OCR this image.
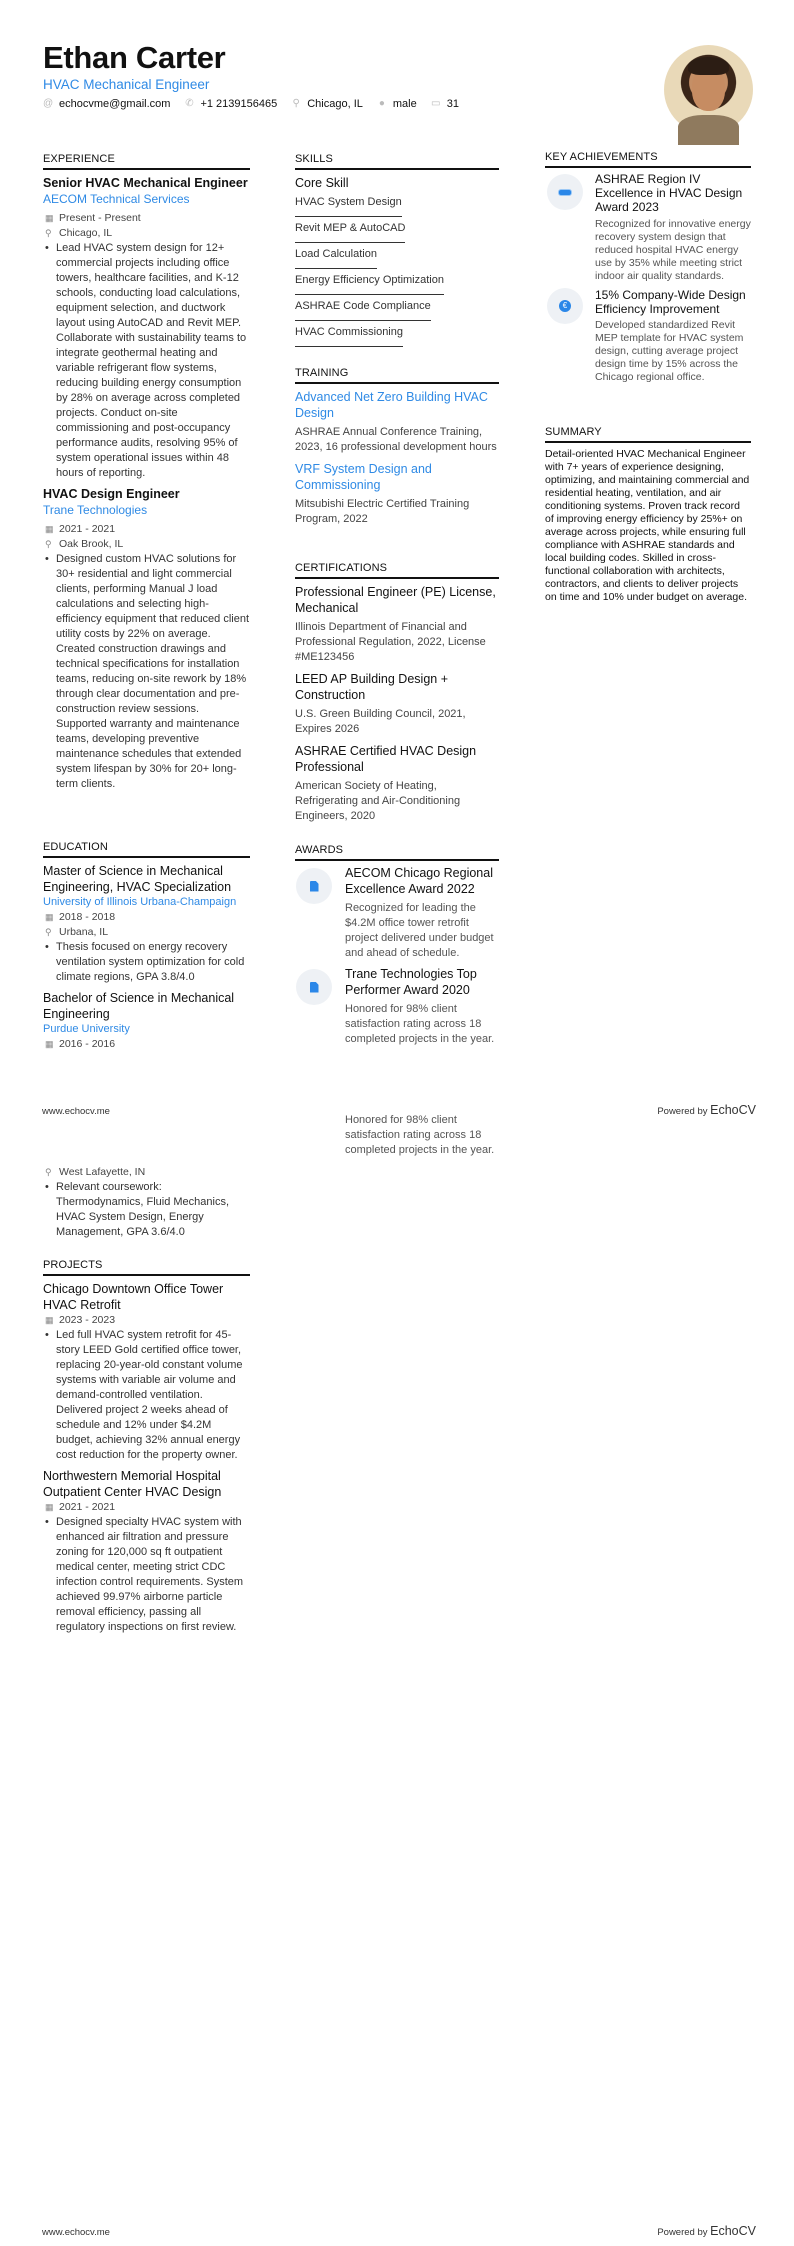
Ethan Carter
HVAC Mechanical Engineer
@ echocvme@gmail.com ✆ +1 2139156465 ⚲ Chicago, IL ● male ▭ 31
EXPERIENCE
Senior HVAC Mechanical Engineer
AECOM Technical Services
▦ Present - Present
⚲ Chicago, IL
• Lead HVAC system design for 12+ commercial projects including office towers, healthcare facilities, and K-12 schools, conducting load calculations, equipment selection, and ductwork layout using AutoCAD and Revit MEP. Collaborate with sustainability teams to integrate geothermal heating and variable refrigerant flow systems, reducing building energy consumption by 28% on average across completed projects. Conduct on-site commissioning and post-occupancy performance audits, resolving 95% of system operational issues within 48 hours of reporting.
HVAC Design Engineer
Trane Technologies
▦ 2021 - 2021
⚲ Oak Brook, IL
• Designed custom HVAC solutions for 30+ residential and light commercial clients, performing Manual J load calculations and selecting high-efficiency equipment that reduced client utility costs by 22% on average. Created construction drawings and technical specifications for installation teams, reducing on-site rework by 18% through clear documentation and pre-construction review sessions. Supported warranty and maintenance teams, developing preventive maintenance schedules that extended system lifespan by 30% for 20+ long-term clients.
EDUCATION
Master of Science in Mechanical Engineering, HVAC Specialization
University of Illinois Urbana-Champaign
▦ 2018 - 2018
⚲ Urbana, IL
• Thesis focused on energy recovery ventilation system optimization for cold climate regions, GPA 3.8/4.0
Bachelor of Science in Mechanical Engineering
Purdue University
▦ 2016 - 2016
SKILLS
Core Skill
HVAC System Design
Revit MEP & AutoCAD
Load Calculation
Energy Efficiency Optimization
ASHRAE Code Compliance
HVAC Commissioning
TRAINING
Advanced Net Zero Building HVAC Design
ASHRAE Annual Conference Training, 2023, 16 professional development hours
VRF System Design and Commissioning
Mitsubishi Electric Certified Training Program, 2022
CERTIFICATIONS
Professional Engineer (PE) License, Mechanical
Illinois Department of Financial and Professional Regulation, 2022, License #ME123456
LEED AP Building Design + Construction
U.S. Green Building Council, 2021, Expires 2026
ASHRAE Certified HVAC Design Professional
American Society of Heating, Refrigerating and Air-Conditioning Engineers, 2020
AWARDS
AECOM Chicago Regional Excellence Award 2022
Recognized for leading the $4.2M office tower retrofit project delivered under budget and ahead of schedule.
Trane Technologies Top Performer Award 2020
Honored for 98% client satisfaction rating across 18 completed projects in the year.
KEY ACHIEVEMENTS
ASHRAE Region IV Excellence in HVAC Design Award 2023
Recognized for innovative energy recovery system design that reduced hospital HVAC energy use by 35% while meeting strict indoor air quality standards.
€
15% Company-Wide Design Efficiency Improvement
Developed standardized Revit MEP template for HVAC system design, cutting average project design time by 15% across the Chicago regional office.
SUMMARY
Detail-oriented HVAC Mechanical Engineer with 7+ years of experience designing, optimizing, and maintaining commercial and residential heating, ventilation, and air conditioning systems. Proven track record of improving energy efficiency by 25%+ on average across projects, while ensuring full compliance with ASHRAE standards and local building codes. Skilled in cross-functional collaboration with architects, contractors, and clients to deliver projects on time and 10% under budget on average.
www.echocv.me	Powered by EchoCV
⚲ West Lafayette, IN
• Relevant coursework: Thermodynamics, Fluid Mechanics, HVAC System Design, Energy Management, GPA 3.6/4.0
PROJECTS
Chicago Downtown Office Tower HVAC Retrofit
▦ 2023 - 2023
• Led full HVAC system retrofit for 45-story LEED Gold certified office tower, replacing 20-year-old constant volume systems with variable air volume and demand-controlled ventilation. Delivered project 2 weeks ahead of schedule and 12% under $4.2M budget, achieving 32% annual energy cost reduction for the property owner.
Northwestern Memorial Hospital Outpatient Center HVAC Design
▦ 2021 - 2021
• Designed specialty HVAC system with enhanced air filtration and pressure zoning for 120,000 sq ft outpatient medical center, meeting strict CDC infection control requirements. System achieved 99.97% airborne particle removal efficiency, passing all regulatory inspections on first review.
Honored for 98% client satisfaction rating across 18 completed projects in the year.
www.echocv.me	Powered by EchoCV
